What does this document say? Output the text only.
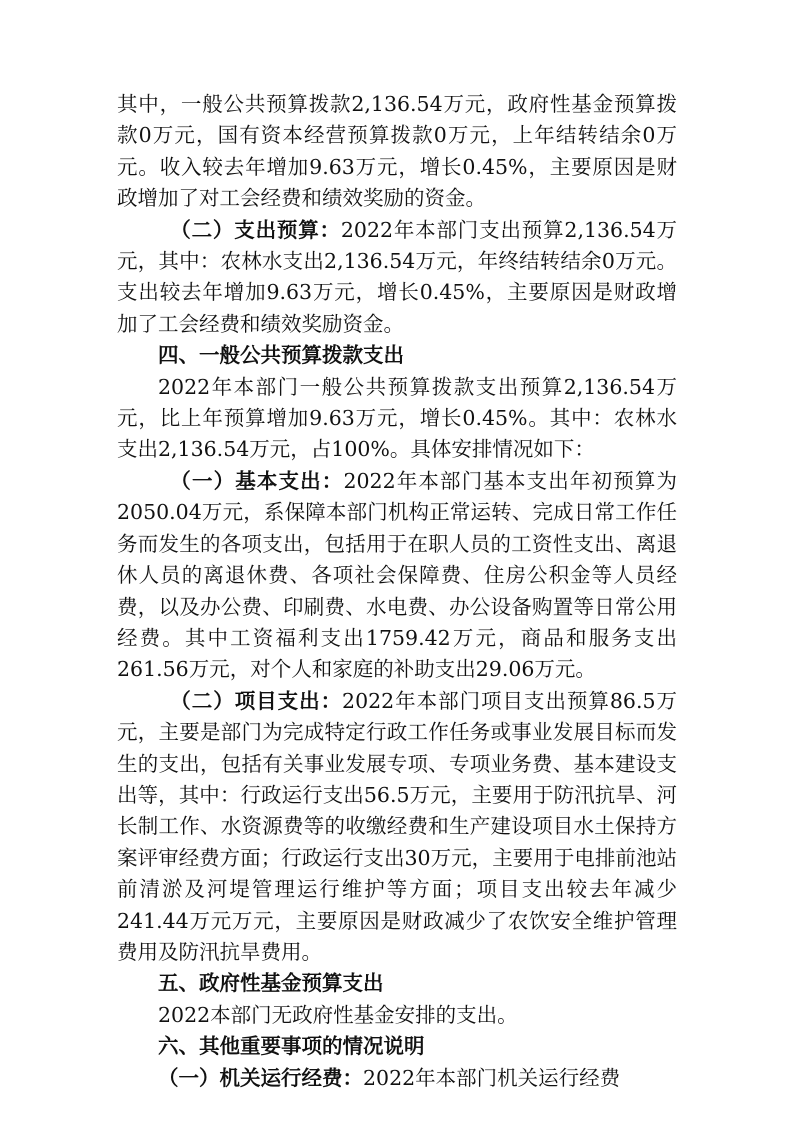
其中，一般公共预算拨款2,136.54万元，政府性基金预算拨款0万元，国有资本经营预算拨款0万元，上年结转结余0万元。收入较去年增加9.63万元，增长0.45%，主要原因是财政增加了对工会经费和绩效奖励的资金。

（二）支出预算：2022年本部门支出预算2,136.54万元，其中：农林水支出2,136.54万元，年终结转结余0万元。支出较去年增加9.63万元，增长0.45%，主要原因是财政增加了工会经费和绩效奖励资金。

四、一般公共预算拨款支出

2022年本部门一般公共预算拨款支出预算2,136.54万元，比上年预算增加9.63万元，增长0.45%。其中：农林水支出2,136.54万元，占100%。具体安排情况如下：

（一）基本支出：2022年本部门基本支出年初预算为2050.04万元，系保障本部门机构正常运转、完成日常工作任务而发生的各项支出，包括用于在职人员的工资性支出、离退休人员的离退休费、各项社会保障费、住房公积金等人员经费，以及办公费、印刷费、水电费、办公设备购置等日常公用经费。其中工资福利支出1759.42万元，商品和服务支出261.56万元，对个人和家庭的补助支出29.06万元。

（二）项目支出：2022年本部门项目支出预算86.5万元，主要是部门为完成特定行政工作任务或事业发展目标而发生的支出，包括有关事业发展专项、专项业务费、基本建设支出等，其中：行政运行支出56.5万元，主要用于防汛抗旱、河长制工作、水资源费等的收缴经费和生产建设项目水土保持方案评审经费方面；行政运行支出30万元，主要用于电排前池站前清淤及河堤管理运行维护等方面；项目支出较去年减少241.44万元万元，主要原因是财政减少了农饮安全维护管理费用及防汛抗旱费用。

五、政府性基金预算支出

2022本部门无政府性基金安排的支出。

六、其他重要事项的情况说明

（一）机关运行经费：2022年本部门机关运行经费
